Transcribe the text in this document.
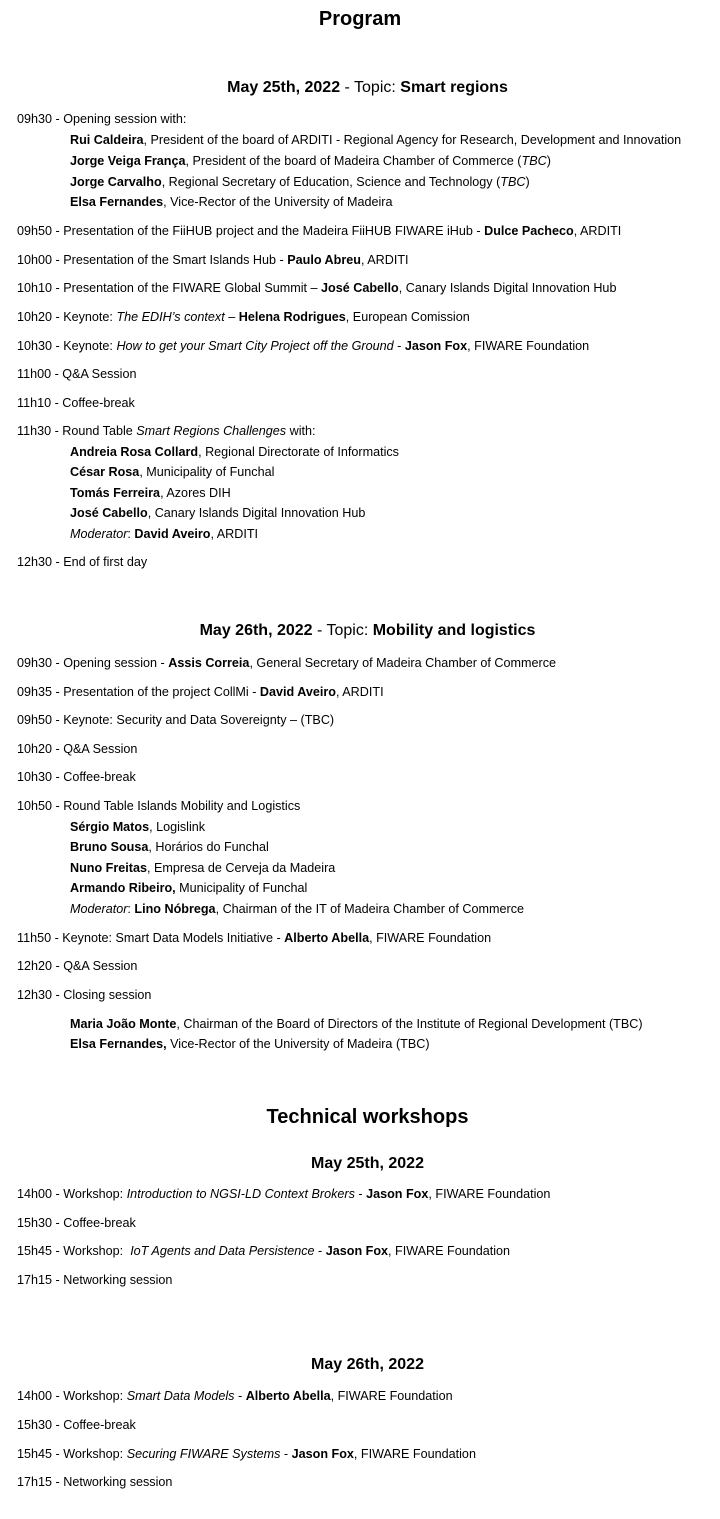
Program
May 25th, 2022 - Topic: Smart regions
09h30 - Opening session with:
Rui Caldeira, President of the board of ARDITI - Regional Agency for Research, Development and Innovation
Jorge Veiga França, President of the board of Madeira Chamber of Commerce (TBC)
Jorge Carvalho, Regional Secretary of Education, Science and Technology (TBC)
Elsa Fernandes, Vice-Rector of the University of Madeira
09h50 - Presentation of the FiiHUB project and the Madeira FiiHUB FIWARE iHub - Dulce Pacheco, ARDITI
10h00 - Presentation of the Smart Islands Hub - Paulo Abreu, ARDITI
10h10 - Presentation of the FIWARE Global Summit – José Cabello, Canary Islands Digital Innovation Hub
10h20 - Keynote: The EDIH’s context – Helena Rodrigues, European Comission
10h30 - Keynote: How to get your Smart City Project off the Ground - Jason Fox, FIWARE Foundation
11h00 - Q&A Session
11h10 - Coffee-break
11h30 - Round Table Smart Regions Challenges with:
Andreia Rosa Collard, Regional Directorate of Informatics
César Rosa, Municipality of Funchal
Tomás Ferreira, Azores DIH
José Cabello, Canary Islands Digital Innovation Hub
Moderator: David Aveiro, ARDITI
12h30 - End of first day
May 26th, 2022 - Topic: Mobility and logistics
09h30 - Opening session - Assis Correia, General Secretary of Madeira Chamber of Commerce
09h35 - Presentation of the project CollMi - David Aveiro, ARDITI
09h50 - Keynote: Security and Data Sovereignty – (TBC)
10h20 - Q&A Session
10h30 - Coffee-break
10h50 - Round Table Islands Mobility and Logistics
Sérgio Matos, Logislink
Bruno Sousa, Horários do Funchal
Nuno Freitas, Empresa de Cerveja da Madeira
Armando Ribeiro, Municipality of Funchal
Moderator: Lino Nóbrega, Chairman of the IT of Madeira Chamber of Commerce
11h50 - Keynote: Smart Data Models Initiative - Alberto Abella, FIWARE Foundation
12h20 - Q&A Session
12h30 - Closing session
Maria João Monte, Chairman of the Board of Directors of the Institute of Regional Development (TBC)
Elsa Fernandes, Vice-Rector of the University of Madeira (TBC)
Technical workshops
May 25th, 2022
14h00 - Workshop: Introduction to NGSI-LD Context Brokers - Jason Fox, FIWARE Foundation
15h30 - Coffee-break
15h45 - Workshop:  IoT Agents and Data Persistence - Jason Fox, FIWARE Foundation
17h15 - Networking session
May 26th, 2022
14h00 - Workshop: Smart Data Models - Alberto Abella, FIWARE Foundation
15h30 - Coffee-break
15h45 - Workshop: Securing FIWARE Systems - Jason Fox, FIWARE Foundation
17h15 - Networking session
